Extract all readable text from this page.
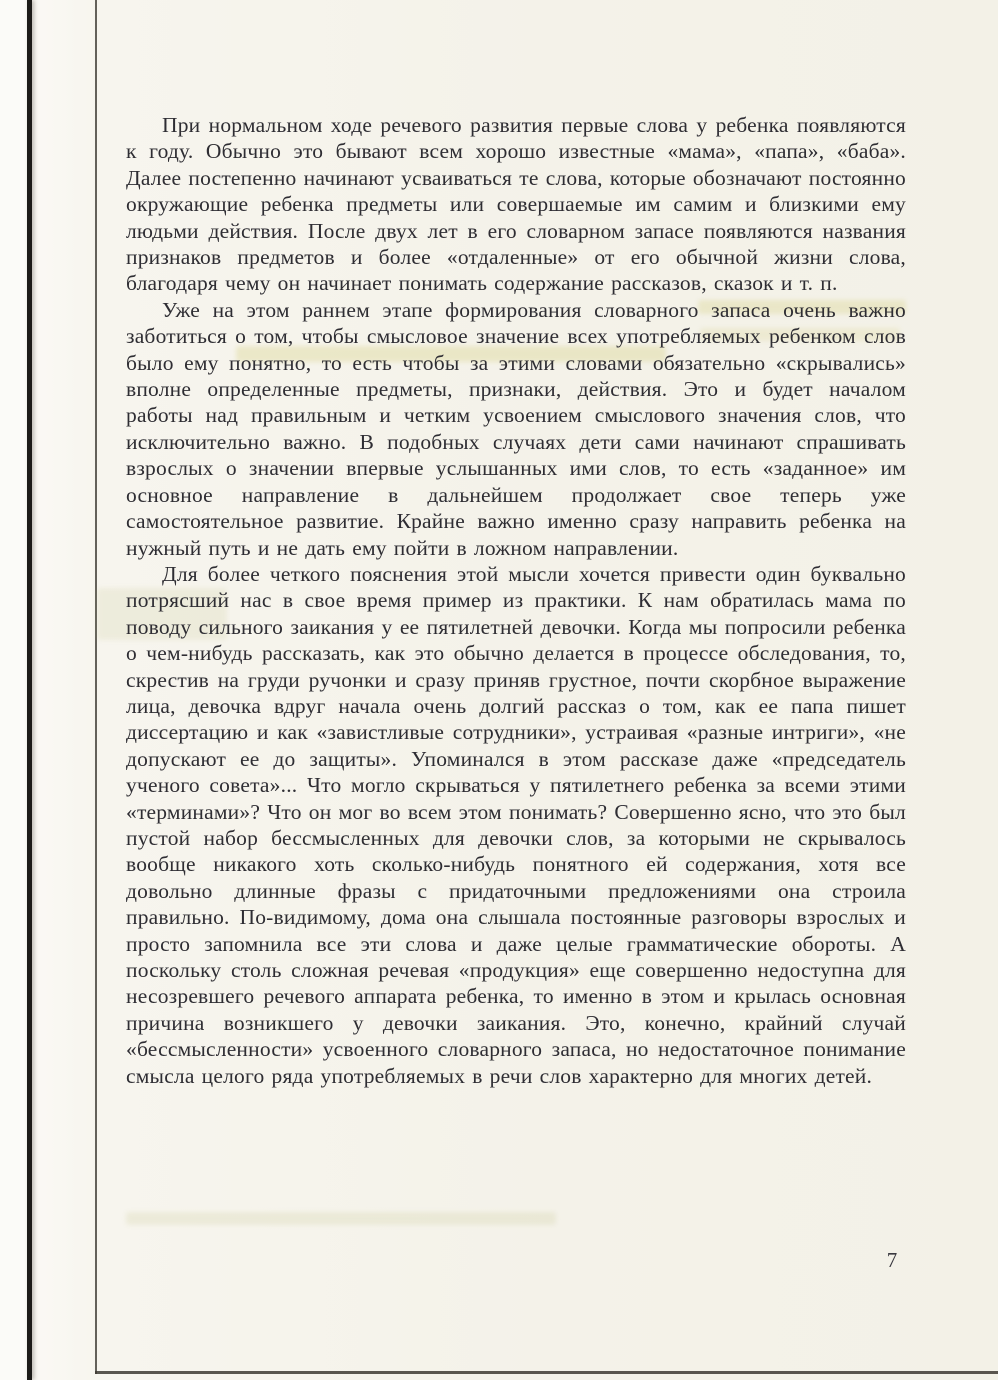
При нормальном ходе речевого развития первые слова у ребенка появляются к году. Обычно это бывают всем хорошо известные «мама», «папа», «баба». Далее постепенно начинают усваиваться те слова, которые обозначают постоянно окружающие ребенка предметы или совершаемые им самим и близкими ему людьми действия. После двух лет в его словарном запасе появляются названия признаков предметов и более «отдаленные» от его обычной жизни слова, благодаря чему он начинает понимать содержание рассказов, сказок и т. п.

Уже на этом раннем этапе формирования словарного запаса очень важно заботиться о том, чтобы смысловое значение всех употребляемых ребенком слов было ему понятно, то есть чтобы за этими словами обязательно «скрывались» вполне определенные предметы, признаки, действия. Это и будет началом работы над правильным и четким усвоением смыслового значения слов, что исключительно важно. В подобных случаях дети сами начинают спрашивать взрослых о значении впервые услышанных ими слов, то есть «заданное» им основное направление в дальнейшем продолжает свое теперь уже самостоятельное развитие. Крайне важно именно сразу направить ребенка на нужный путь и не дать ему пойти в ложном направлении.

Для более четкого пояснения этой мысли хочется привести один буквально потрясший нас в свое время пример из практики. К нам обратилась мама по поводу сильного заикания у ее пятилетней девочки. Когда мы попросили ребенка о чем-нибудь рассказать, как это обычно делается в процессе обследования, то, скрестив на груди ручонки и сразу приняв грустное, почти скорбное выражение лица, девочка вдруг начала очень долгий рассказ о том, как ее папа пишет диссертацию и как «завистливые сотрудники», устраивая «разные интриги», «не допускают ее до защиты». Упоминался в этом рассказе даже «председатель ученого совета»... Что могло скрываться у пятилетнего ребенка за всеми этими «терминами»? Что он мог во всем этом понимать? Совершенно ясно, что это был пустой набор бессмысленных для девочки слов, за которыми не скрывалось вообще никакого хоть сколько-нибудь понятного ей содержания, хотя все довольно длинные фразы с придаточными предложениями она строила правильно. По-видимому, дома она слышала постоянные разговоры взрослых и просто запомнила все эти слова и даже целые грамматические обороты. А поскольку столь сложная речевая «продукция» еще совершенно недоступна для несозревшего речевого аппарата ребенка, то именно в этом и крылась основная причина возникшего у девочки заикания. Это, конечно, крайний случай «бессмысленности» усвоенного словарного запаса, но недостаточное понимание смысла целого ряда употребляемых в речи слов характерно для многих детей.

7
